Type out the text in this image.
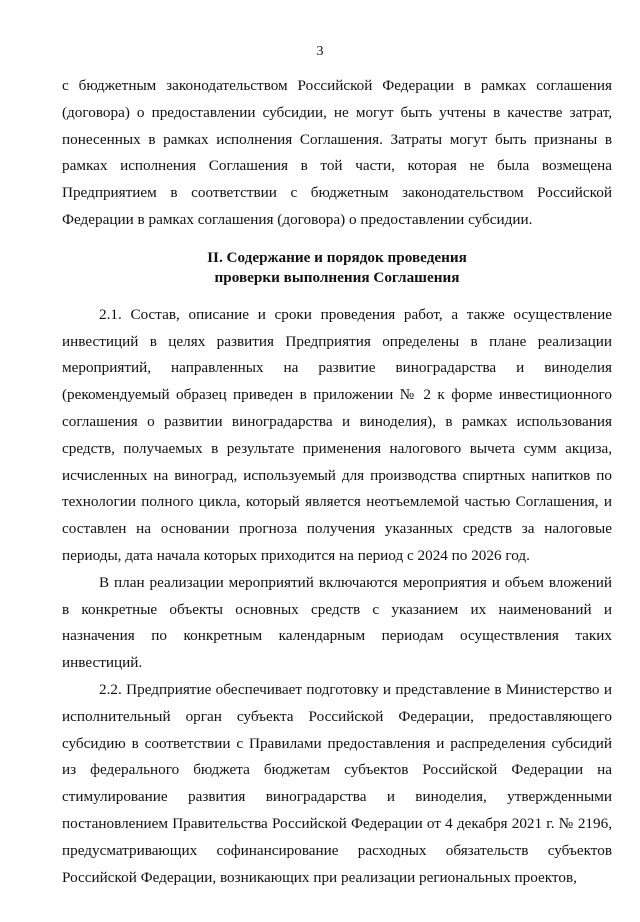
3

с бюджетным законодательством Российской Федерации в рамках соглашения (договора) о предоставлении субсидии, не могут быть учтены в качестве затрат, понесенных в рамках исполнения Соглашения. Затраты могут быть признаны в рамках исполнения Соглашения в той части, которая не была возмещена Предприятием в соответствии с бюджетным законодательством Российской Федерации в рамках соглашения (договора) о предоставлении субсидии.

II. Содержание и порядок проведения
проверки выполнения Соглашения

2.1. Состав, описание и сроки проведения работ, а также осуществление инвестиций в целях развития Предприятия определены в плане реализации мероприятий, направленных на развитие виноградарства и виноделия (рекомендуемый образец приведен в приложении № 2 к форме инвестиционного соглашения о развитии виноградарства и виноделия), в рамках использования средств, получаемых в результате применения налогового вычета сумм акциза, исчисленных на виноград, используемый для производства спиртных напитков по технологии полного цикла, который является неотъемлемой частью Соглашения, и составлен на основании прогноза получения указанных средств за налоговые периоды, дата начала которых приходится на период с 2024 по 2026 год.

В план реализации мероприятий включаются мероприятия и объем вложений в конкретные объекты основных средств с указанием их наименований и назначения по конкретным календарным периодам осуществления таких инвестиций.

2.2. Предприятие обеспечивает подготовку и представление в Министерство и исполнительный орган субъекта Российской Федерации, предоставляющего субсидию в соответствии с Правилами предоставления и распределения субсидий из федерального бюджета бюджетам субъектов Российской Федерации на стимулирование развития виноградарства и виноделия, утвержденными постановлением Правительства Российской Федерации от 4 декабря 2021 г. № 2196, предусматривающих софинансирование расходных обязательств субъектов Российской Федерации, возникающих при реализации региональных проектов,
